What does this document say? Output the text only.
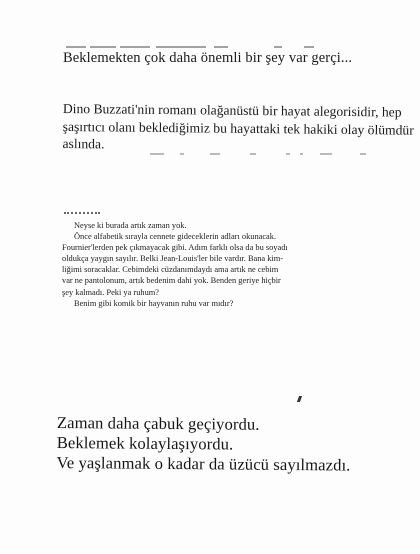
Beklemekten çok daha önemli bir şey var gerçi...
Dino Buzzati'nin romanı olağanüstü bir hayat alegorisidir, hep
şaşırtıcı olanı beklediğimiz bu hayattaki tek hakiki olay ölümdür
aslında.
Neyse ki burada artık zaman yok.
Önce alfabetik sırayla cennete gideceklerin adları okunacak.
Fournier'lerden pek çıkmayacak gibi. Adım farklı olsa da bu soyadı
oldukça yaygın sayılır. Belki Jean-Louis'ler bile vardır. Bana kim-
liğimi soracaklar. Cebimdeki cüzdanımdaydı ama artık ne cebim
var ne pantolonum, artık bedenim dahi yok. Benden geriye hiçbir
şey kalmadı. Peki ya ruhum?
Benim gibi komik bir hayvanın ruhu var mıdır?
Zaman daha çabuk geçiyordu.
Beklemek kolaylaşıyordu.
Ve yaşlanmak o kadar da üzücü sayılmazdı.
